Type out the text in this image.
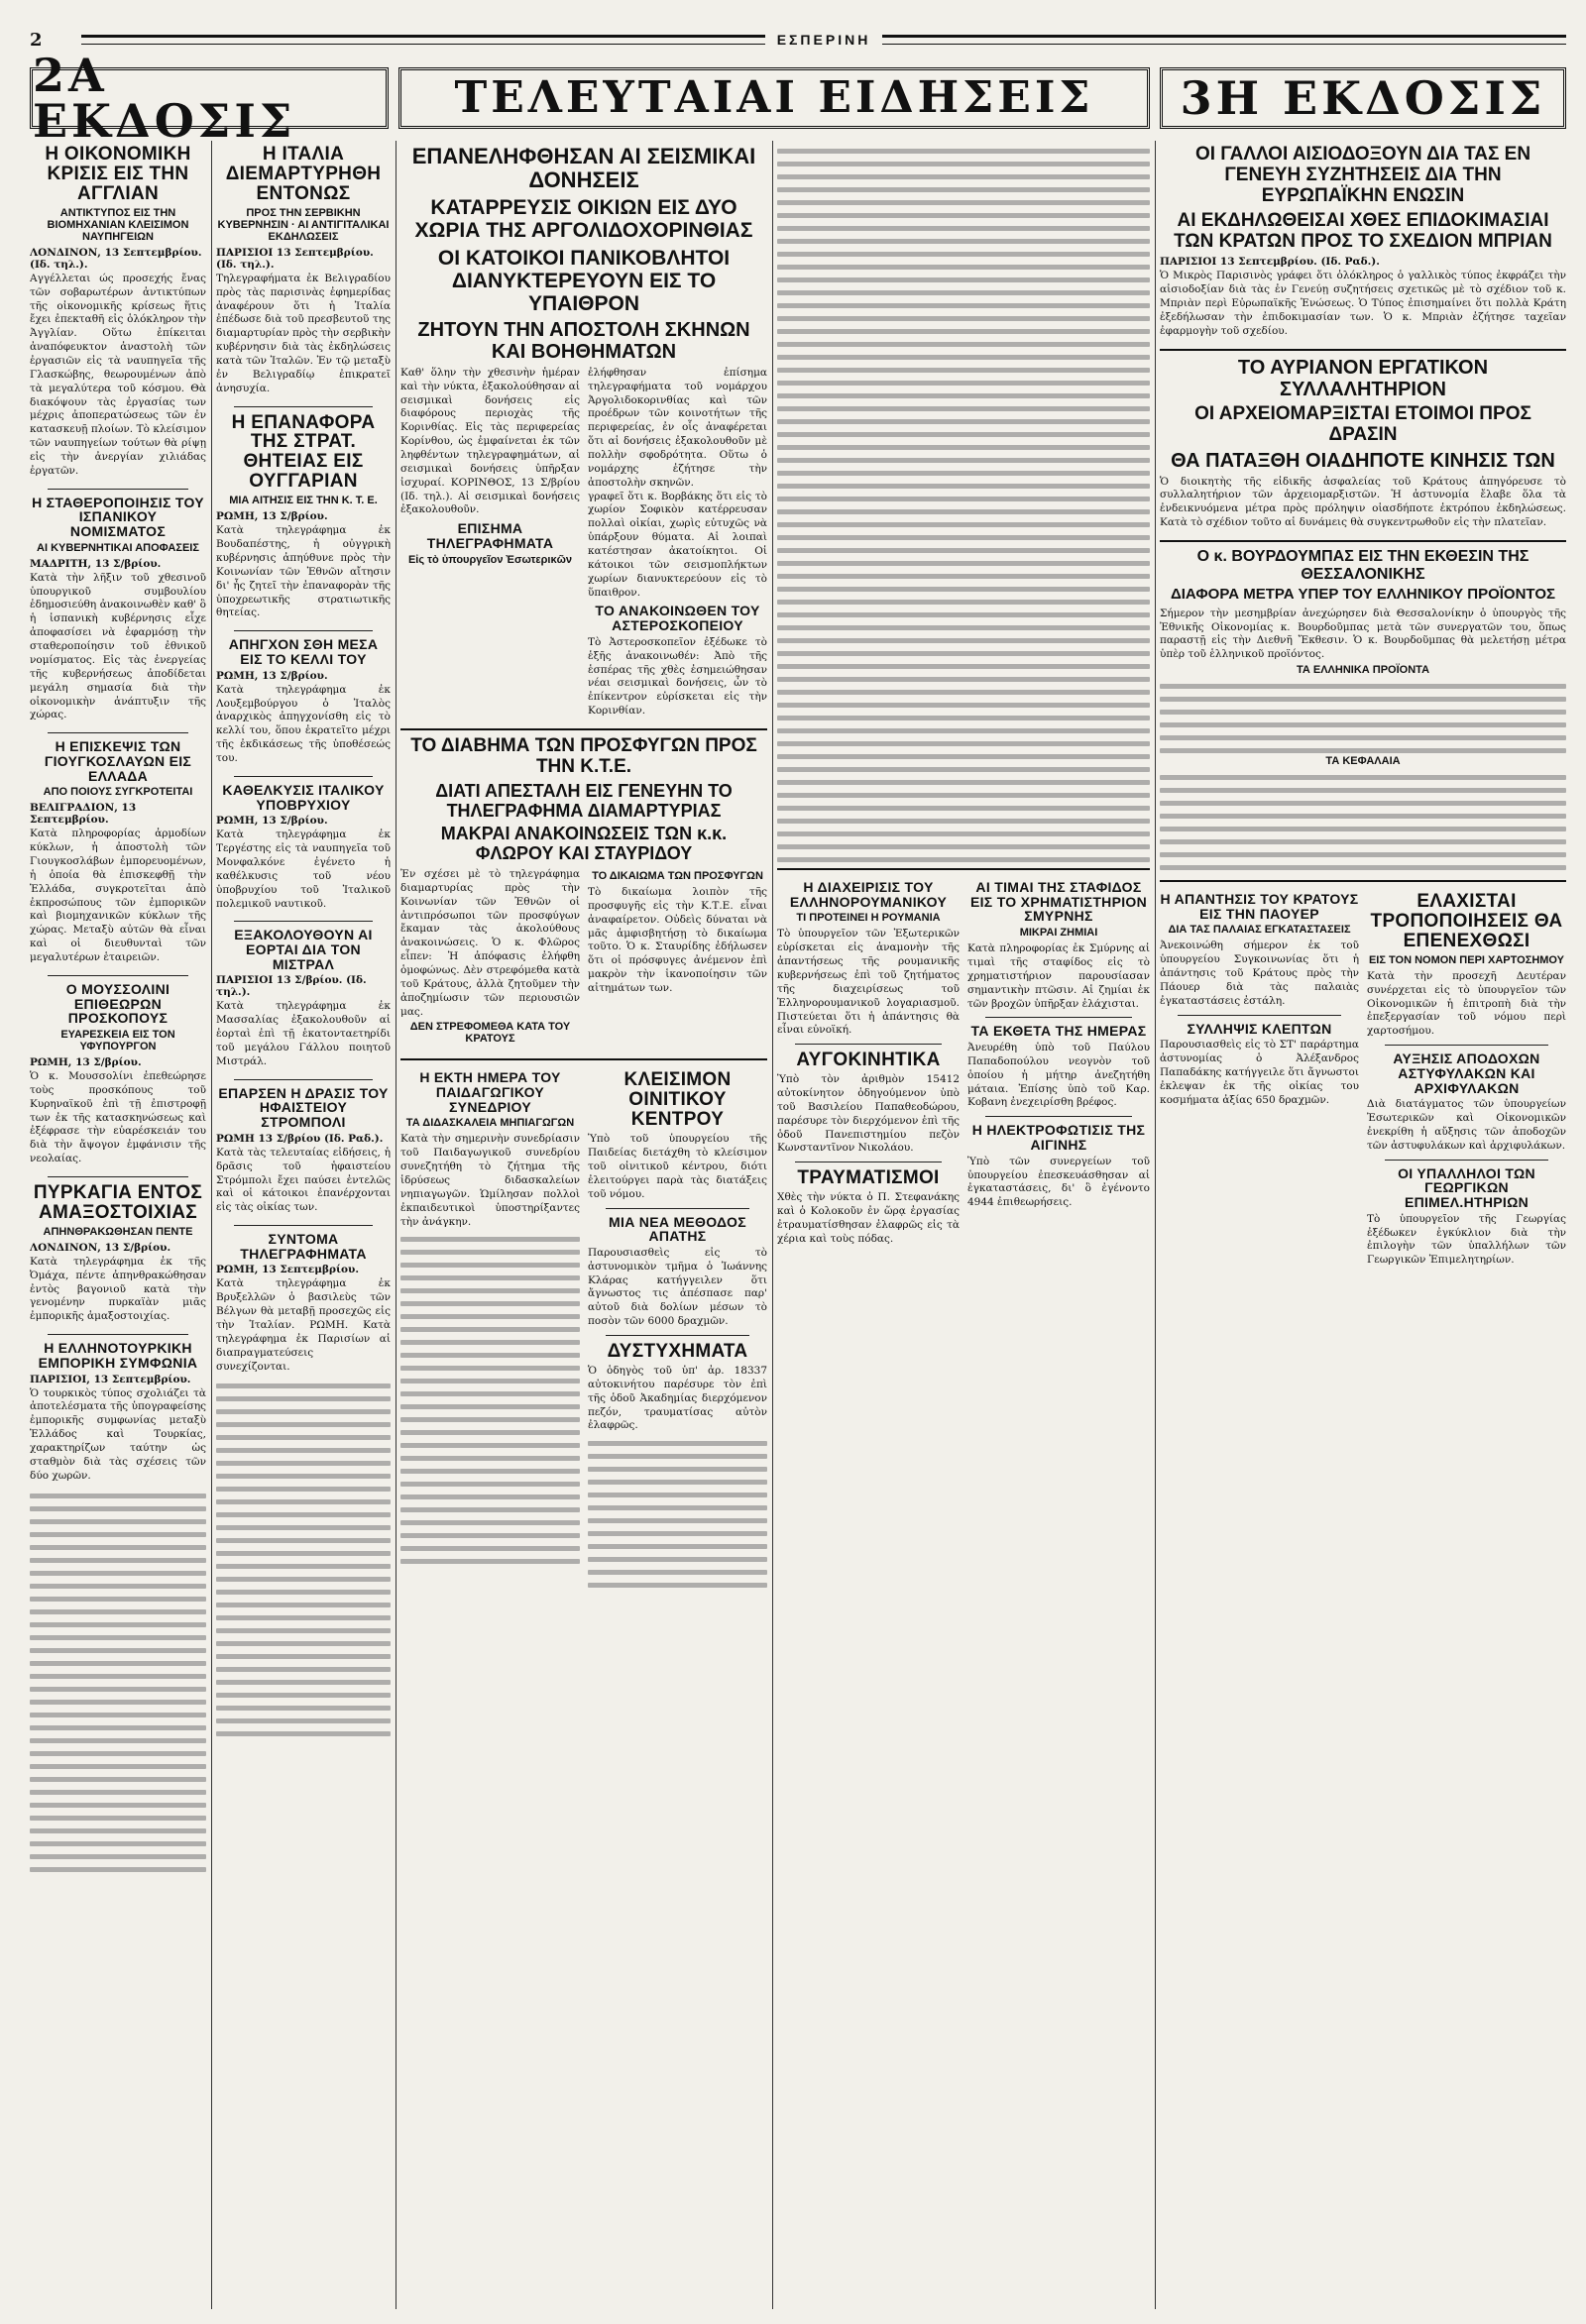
2	ΕΣΠΕΡΙΝΗ
2Α ΕΚΔΟΣΙΣ	ΤΕΛΕΥΤΑΙΑΙ ΕΙΔΗΣΕΙΣ	3Η ΕΚΔΟΣΙΣ
Η ΟΙΚΟΝΟΜΙΚΗ ΚΡΙΣΙΣ ΕΙΣ ΤΗΝ ΑΓΓΛΙΑΝ
ΑΝΤΙΚΤΥΠΟΣ ΕΙΣ ΤΗΝ ΒΙΟΜΗΧΑΝΙΑΝ ΚΛΕΙΣΙΜΟΝ ΝΑΥΠΗΓΕΙΩΝ

ΛΟΝΔΙΝΟΝ, 13 Σεπτεμβρίου. (Ιδ. τηλ.).

Αγγέλλεται ώς προσεχής ἔνας τῶν σοβαρωτέρων ἀντικτύπων τῆς οἰκονομικῆς κρίσεως ἥτις ἔχει ἐπεκταθῆ εἰς ὁλόκληρον τὴν Ἀγγλίαν. Οὕτω ἐπίκειται ἀναπόφευκτον ἀναστολὴ τῶν ἐργασιῶν εἰς τὰ ναυπηγεῖα τῆς Γλασκώβης, θεωρουμένων ἀπὸ τὰ μεγαλύτερα τοῦ κόσμου. Θὰ διακόψουν τὰς ἐργασίας των μέχρις ἀποπερατώσεως τῶν ἐν κατασκευῇ πλοίων. Τὸ κλείσιμον τῶν ναυπηγείων τούτων θὰ ρίψῃ εἰς τὴν ἀνεργίαν χιλιάδας ἐργατῶν.

Η ΣΤΑΘΕΡΟΠΟΙΗΣΙΣ ΤΟΥ ΙΣΠΑΝΙΚΟΥ ΝΟΜΙΣΜΑΤΟΣ
ΑΙ ΚΥΒΕΡΝΗΤΙΚΑΙ ΑΠΟΦΑΣΕΙΣ

ΜΑΔΡΙΤΗ, 13 Σ/βρίου.

Κατὰ τὴν λῆξιν τοῦ χθεσινοῦ ὑπουργικοῦ συμβουλίου ἐδημοσιεύθη ἀνακοινωθὲν καθ' ὃ ἡ ἱσπανικὴ κυβέρνησις εἶχε ἀποφασίσει νὰ ἐφαρμόσῃ τὴν σταθεροποίησιν τοῦ ἐθνικοῦ νομίσματος. Εἰς τὰς ἐνεργείας τῆς κυβερνήσεως ἀποδίδεται μεγάλη σημασία διὰ τὴν οἰκονομικὴν ἀνάπτυξιν τῆς χώρας.

Η ΕΠΙΣΚΕΨΙΣ ΤΩΝ ΓΙΟΥΓΚΟΣΛΑΥΩΝ ΕΙΣ ΕΛΛΑΔΑ
ΑΠΟ ΠΟΙΟΥΣ ΣΥΓΚΡΟΤΕΙΤΑΙ

ΒΕΛΙΓΡΑΔΙΟΝ, 13 Σεπτεμβρίου.

Κατὰ πληροφορίας ἀρμοδίων κύκλων, ἡ ἀποστολὴ τῶν Γιουγκοσλάβων ἐμπορευομένων, ἡ ὁποία θὰ ἐπισκεφθῇ τὴν Ἑλλάδα, συγκροτεῖται ἀπὸ ἐκπροσώπους τῶν ἐμπορικῶν καὶ βιομηχανικῶν κύκλων τῆς χώρας. Μεταξὺ αὐτῶν θὰ εἶναι καὶ οἱ διευθυνταὶ τῶν μεγαλυτέρων ἑταιρειῶν.

Ο ΜΟΥΣΣΟΛΙΝΙ ΕΠΙΘΕΩΡΩΝ ΠΡΟΣΚΟΠΟΥΣ
ΕΥΑΡΕΣΚΕΙΑ ΕΙΣ ΤΟΝ ΥΦΥΠΟΥΡΓΟΝ

ΡΩΜΗ, 13 Σ/βρίου.

Ὁ κ. Μουσσολίνι ἐπεθεώρησε τοὺς προσκόπους τοῦ Κυρηναϊκοῦ ἐπὶ τῇ ἐπιστροφῇ των ἐκ τῆς κατασκηνώσεως καὶ ἐξέφρασε τὴν εὐαρέσκειάν του διὰ τὴν ἄψογον ἐμφάνισιν τῆς νεολαίας.

ΠΥΡΚΑΓΙΑ ΕΝΤΟΣ ΑΜΑΞΟΣΤΟΙΧΙΑΣ
ΑΠΗΝΘΡΑΚΩΘΗΣΑΝ ΠΕΝΤΕ

ΛΟΝΔΙΝΟΝ, 13 Σ/βρίου.

Κατὰ τηλεγράφημα ἐκ τῆς Ὀμάχα, πέντε ἀπηνθρακώθησαν ἐντὸς βαγονιοῦ κατὰ τὴν γενομένην πυρκαϊὰν μιᾶς ἐμπορικῆς ἁμαξοστοιχίας.

Η ΕΛΛΗΝΟΤΟΥΡΚΙΚΗ ΕΜΠΟΡΙΚΗ ΣΥΜΦΩΝΙΑ

ΠΑΡΙΣΙΟΙ, 13 Σεπτεμβρίου.

Ὁ τουρκικὸς τύπος σχολιάζει τὰ ἀποτελέσματα τῆς ὑπογραφείσης ἐμπορικῆς συμφωνίας μεταξὺ Ἑλλάδος καὶ Τουρκίας, χαρακτηρίζων ταύτην ὡς σταθμὸν διὰ τὰς σχέσεις τῶν δύο χωρῶν.

Η ΙΤΑΛΙΑ ΔΙΕΜΑΡΤΥΡΗΘΗ ΕΝΤΟΝΩΣ
ΠΡΟΣ ΤΗΝ ΣΕΡΒΙΚΗΝ ΚΥΒΕΡΝΗΣΙΝ · ΑΙ ΑΝΤΙΓΙΤΑΛΙΚΑΙ ΕΚΔΗΛΩΣΕΙΣ

ΠΑΡΙΣΙΟΙ 13 Σεπτεμβρίου. (Ιδ. τηλ.).

Τηλεγραφήματα ἐκ Βελιγραδίου πρὸς τὰς παρισινὰς ἐφημερίδας ἀναφέρουν ὅτι ἡ Ἰταλία ἐπέδωσε διὰ τοῦ πρεσβευτοῦ της διαμαρτυρίαν πρὸς τὴν σερβικὴν κυβέρνησιν διὰ τὰς ἐκδηλώσεις κατὰ τῶν Ἰταλῶν. Ἐν τῷ μεταξὺ ἐν Βελιγραδίῳ ἐπικρατεῖ ἀνησυχία.

Η ΕΠΑΝΑΦΟΡΑ ΤΗΣ ΣΤΡΑΤ. ΘΗΤΕΙΑΣ ΕΙΣ ΟΥΓΓΑΡΙΑΝ
ΜΙΑ ΑΙΤΗΣΙΣ ΕΙΣ ΤΗΝ Κ. Τ. Ε.

ΡΩΜΗ, 13 Σ/βρίου.

Κατὰ τηλεγράφημα ἐκ Βουδαπέστης, ἡ οὐγγρικὴ κυβέρνησις ἀπηύθυνε πρὸς τὴν Κοινωνίαν τῶν Ἐθνῶν αἴτησιν δι' ἧς ζητεῖ τὴν ἐπαναφορὰν τῆς ὑποχρεωτικῆς στρατιωτικῆς θητείας.

ΑΠΗΓΧΟΝ ΣΘΗ ΜΕΣΑ ΕΙΣ ΤΟ ΚΕΛΛΙ ΤΟΥ

ΡΩΜΗ, 13 Σ/βρίου.

Κατὰ τηλεγράφημα ἐκ Λουξεμβούργου ὁ Ἰταλὸς ἀναρχικὸς ἀπηγχονίσθη εἰς τὸ κελλί του, ὅπου ἐκρατεῖτο μέχρι τῆς ἐκδικάσεως τῆς ὑποθέσεώς του.

ΚΑΘΕΛΚΥΣΙΣ ΙΤΑΛΙΚΟΥ ΥΠΟΒΡΥΧΙΟΥ

ΡΩΜΗ, 13 Σ/βρίου.

Κατὰ τηλεγράφημα ἐκ Τεργέστης εἰς τὰ ναυπηγεῖα τοῦ Μονφαλκόνε ἐγένετο ἡ καθέλκυσις τοῦ νέου ὑποβρυχίου τοῦ Ἰταλικοῦ πολεμικοῦ ναυτικοῦ.

ΕΞΑΚΟΛΟΥΘΟΥΝ ΑΙ ΕΟΡΤΑΙ ΔΙΑ ΤΟΝ ΜΙΣΤΡΑΛ

ΠΑΡΙΣΙΟΙ 13 Σ/βρίου. (Ιδ. τηλ.).

Κατὰ τηλεγράφημα ἐκ Μασσαλίας ἐξακολουθοῦν αἱ ἑορταὶ ἐπὶ τῇ ἑκατονταετηρίδι τοῦ μεγάλου Γάλλου ποιητοῦ Μιστράλ.

ΕΠΑΡΣΕΝ Η ΔΡΑΣΙΣ ΤΟΥ ΗΦΑΙΣΤΕΙΟΥ ΣΤΡΟΜΠΟΛΙ

ΡΩΜΗ 13 Σ/βρίου (Ιδ. Ραδ.).

Κατὰ τὰς τελευταίας εἰδήσεις, ἡ δρᾶσις τοῦ ἡφαιστείου Στρόμπολι ἔχει παύσει ἐντελῶς καὶ οἱ κάτοικοι ἐπανέρχονται εἰς τὰς οἰκίας των.

ΣΥΝΤΟΜΑ ΤΗΛΕΓΡΑΦΗΜΑΤΑ

ΡΩΜΗ, 13 Σεπτεμβρίου.

Κατὰ τηλεγράφημα ἐκ Βρυξελλῶν ὁ βασιλεὺς τῶν Βέλγων θὰ μεταβῇ προσεχῶς εἰς τὴν Ἰταλίαν. ΡΩΜΗ. Κατὰ τηλεγράφημα ἐκ Παρισίων αἱ διαπραγματεύσεις συνεχίζονται.

ΕΠΑΝΕΛΗΦΘΗΣΑΝ ΑΙ ΣΕΙΣΜΙΚΑΙ ΔΟΝΗΣΕΙΣ
ΚΑΤΑΡΡΕΥΣΙΣ ΟΙΚΙΩΝ ΕΙΣ ΔΥΟ ΧΩΡΙΑ ΤΗΣ ΑΡΓΟΛΙΔΟΧΟΡΙΝΘΙΑΣ
ΟΙ ΚΑΤΟΙΚΟΙ ΠΑΝΙΚΟΒΛΗΤΟΙ ΔΙΑΝΥΚΤΕΡΕΥΟΥΝ ΕΙΣ ΤΟ ΥΠΑΙΘΡΟΝ
ΖΗΤΟΥΝ ΤΗΝ ΑΠΟΣΤΟΛΗ ΣΚΗΝΩΝ ΚΑΙ ΒΟΗΘΗΜΑΤΩΝ

Καθ' ὅλην τὴν χθεσινὴν ἡμέραν καὶ τὴν νύκτα, ἐξακολούθησαν αἱ σεισμικαὶ δονήσεις εἰς διαφόρους περιοχὰς τῆς Κορινθίας. Εἰς τὰς περιφερείας Κορίνθου, ὡς ἐμφαίνεται ἐκ τῶν ληφθέντων τηλεγραφημάτων, αἱ σεισμικαὶ δονήσεις ὑπῆρξαν ἰσχυραί. ΚΟΡΙΝΘΟΣ, 13 Σ/βρίου (Ιδ. τηλ.). Αἱ σεισμικαὶ δονήσεις ἐξακολουθοῦν.

ΕΠΙΣΗΜΑ ΤΗΛΕΓΡΑΦΗΜΑΤΑ
Εἰς τὸ ὑπουργεῖον Ἐσωτερικῶν

ἐλήφθησαν ἐπίσημα τηλεγραφήματα τοῦ νομάρχου Ἀργολιδοκορινθίας καὶ τῶν προέδρων τῶν κοινοτήτων τῆς περιφερείας, ἐν οἷς ἀναφέρεται ὅτι αἱ δονήσεις ἐξακολουθοῦν μὲ πολλὴν σφοδρότητα. Οὕτω ὁ νομάρχης ἐζήτησε τὴν ἀποστολὴν σκηνῶν.

γραφεῖ ὅτι κ. Βορβάκης ὅτι εἰς τὸ χωρίον Σοφικὸν κατέρρευσαν πολλαὶ οἰκίαι, χωρὶς εὐτυχῶς νὰ ὑπάρξουν θύματα. Αἱ λοιπαὶ κατέστησαν ἀκατοίκητοι. Οἱ κάτοικοι τῶν σεισμοπλήκτων χωρίων διανυκτερεύουν εἰς τὸ ὕπαιθρον.

ΤΟ ΑΝΑΚΟΙΝΩΘΕΝ ΤΟΥ ΑΣΤΕΡΟΣΚΟΠΕΙΟΥ

Τὸ Ἀστεροσκοπεῖον ἐξέδωκε τὸ ἑξῆς ἀνακοινωθέν: Ἀπὸ τῆς ἑσπέρας τῆς χθὲς ἐσημειώθησαν νέαι σεισμικαὶ δονήσεις, ὧν τὸ ἐπίκεντρον εὑρίσκεται εἰς τὴν Κορινθίαν.

ΤΟ ΔΙΑΒΗΜΑ ΤΩΝ ΠΡΟΣΦΥΓΩΝ ΠΡΟΣ ΤΗΝ Κ.Τ.Ε.
ΔΙΑΤΙ ΑΠΕΣΤΑΛΗ ΕΙΣ ΓΕΝΕΥΗΝ ΤΟ ΤΗΛΕΓΡΑΦΗΜΑ ΔΙΑΜΑΡΤΥΡΙΑΣ
ΜΑΚΡΑΙ ΑΝΑΚΟΙΝΩΣΕΙΣ ΤΩΝ κ.κ. ΦΛΩΡΟΥ ΚΑΙ ΣΤΑΥΡΙΔΟΥ

Ἐν σχέσει μὲ τὸ τηλεγράφημα διαμαρτυρίας πρὸς τὴν Κοινωνίαν τῶν Ἐθνῶν οἱ ἀντιπρόσωποι τῶν προσφύγων ἔκαμαν τὰς ἀκολούθους ἀνακοινώσεις. Ὁ κ. Φλῶρος εἶπεν: Ἡ ἀπόφασις ἐλήφθη ὁμοφώνως. Δὲν στρεφόμεθα κατὰ τοῦ Κράτους, ἀλλὰ ζητοῦμεν τὴν ἀποζημίωσιν τῶν περιουσιῶν μας.

ΔΕΝ ΣΤΡΕΦΟΜΕΘΑ ΚΑΤΑ ΤΟΥ ΚΡΑΤΟΥΣ
ΤΟ ΔΙΚΑΙΩΜΑ ΤΩΝ ΠΡΟΣΦΥΓΩΝ

Τὸ δικαίωμα λοιπὸν τῆς προσφυγῆς εἰς τὴν Κ.Τ.Ε. εἶναι ἀναφαίρετον. Οὐδεὶς δύναται νὰ μᾶς ἀμφισβητήσῃ τὸ δικαίωμα τοῦτο. Ὁ κ. Σταυρίδης ἐδήλωσεν ὅτι οἱ πρόσφυγες ἀνέμενον ἐπὶ μακρὸν τὴν ἱκανοποίησιν τῶν αἰτημάτων των.

Η ΕΚΤΗ ΗΜΕΡΑ ΤΟΥ ΠΑΙΔΑΓΩΓΙΚΟΥ ΣΥΝΕΔΡΙΟΥ
ΤΑ ΔΙΔΑΣΚΑΛΕΙΑ ΜΗΠΙΑΓΩΓΩΝ

Κατὰ τὴν σημερινὴν συνεδρίασιν τοῦ Παιδαγωγικοῦ συνεδρίου συνεζητήθη τὸ ζήτημα τῆς ἱδρύσεως διδασκαλείων νηπιαγωγῶν. Ὡμίλησαν πολλοὶ ἐκπαιδευτικοὶ ὑποστηρίξαντες τὴν ἀνάγκην.

ΚΛΕΙΣΙΜΟΝ ΟΙΝΙΤΙΚΟΥ ΚΕΝΤΡΟΥ

Ὑπὸ τοῦ ὑπουργείου τῆς Παιδείας διετάχθη τὸ κλείσιμον τοῦ οἰνιτικοῦ κέντρου, διότι ἐλειτούργει παρὰ τὰς διατάξεις τοῦ νόμου.

ΜΙΑ ΝΕΑ ΜΕΘΟΔΟΣ ΑΠΑΤΗΣ

Παρουσιασθεὶς εἰς τὸ ἀστυνομικὸν τμῆμα ὁ Ἰωάννης Κλάρας κατήγγειλεν ὅτι ἄγνωστος τις ἀπέσπασε παρ' αὐτοῦ διὰ δολίων μέσων τὸ ποσὸν τῶν 6000 δραχμῶν.

ΔΥΣΤΥΧΗΜΑΤΑ

Ὁ ὁδηγὸς τοῦ ὑπ' ἀρ. 18337 αὐτοκινήτου παρέσυρε τὸν ἐπὶ τῆς ὁδοῦ Ἀκαδημίας διερχόμενον πεζόν, τραυματίσας αὐτὸν ἐλαφρῶς.

Η ΔΙΑΧΕΙΡΙΣΙΣ ΤΟΥ ΕΛΛΗΝΟΡΟΥΜΑΝΙΚΟΥ
ΤΙ ΠΡΟΤΕΙΝΕΙ Η ΡΟΥΜΑΝΙΑ

Τὸ ὑπουργεῖον τῶν Ἐξωτερικῶν εὑρίσκεται εἰς ἀναμονὴν τῆς ἀπαντήσεως τῆς ρουμανικῆς κυβερνήσεως ἐπὶ τοῦ ζητήματος τῆς διαχειρίσεως τοῦ Ἑλληνορουμανικοῦ λογαριασμοῦ. Πιστεύεται ὅτι ἡ ἀπάντησις θὰ εἶναι εὐνοϊκή.

ΑΥΓΟΚΙΝΗΤΙΚΑ

Ὑπὸ τὸν ἀριθμὸν 15412 αὐτοκίνητον ὁδηγούμενον ὑπὸ τοῦ Βασιλείου Παπαθεοδώρου, παρέσυρε τὸν διερχόμενον ἐπὶ τῆς ὁδοῦ Πανεπιστημίου πεζὸν Κωνσταντῖνον Νικολάου.

ΤΡΑΥΜΑΤΙΣΜΟΙ

Χθὲς τὴν νύκτα ὁ Π. Στεφανάκης καὶ ὁ Κολοκοῦν ἐν ὥρᾳ ἐργασίας ἐτραυματίσθησαν ἐλαφρῶς εἰς τὰ χέρια καὶ τοὺς πόδας.

ΑΙ ΤΙΜΑΙ ΤΗΣ ΣΤΑΦΙΔΟΣ ΕΙΣ ΤΟ ΧΡΗΜΑΤΙΣΤΗΡΙΟΝ ΣΜΥΡΝΗΣ
ΜΙΚΡΑΙ ΖΗΜΙΑΙ

Κατὰ πληροφορίας ἐκ Σμύρνης αἱ τιμαὶ τῆς σταφίδος εἰς τὸ χρηματιστήριον παρουσίασαν σημαντικὴν πτῶσιν. Αἱ ζημίαι ἐκ τῶν βροχῶν ὑπῆρξαν ἐλάχισται.

ΤΑ ΕΚΘΕΤΑ ΤΗΣ ΗΜΕΡΑΣ

Ἀνευρέθη ὑπὸ τοῦ Παύλου Παπαδοπούλου νεογνὸν τοῦ ὁποίου ἡ μήτηρ ἀνεζητήθη μάταια. Ἐπίσης ὑπὸ τοῦ Καρ. Κοβανη ἐνεχειρίσθη βρέφος.

Η ΗΛΕΚΤΡΟΦΩΤΙΣΙΣ ΤΗΣ ΑΙΓΙΝΗΣ

Ὑπὸ τῶν συνεργείων τοῦ ὑπουργείου ἐπεσκευάσθησαν αἱ ἐγκαταστάσεις, δι' ὃ ἐγένοντο 4944 ἐπιθεωρήσεις.

ΟΙ ΓΑΛΛΟΙ ΑΙΣΙΟΔΟΞΟΥΝ ΔΙΑ ΤΑΣ ΕΝ ΓΕΝΕΥΗ ΣΥΖΗΤΗΣΕΙΣ ΔΙΑ ΤΗΝ ΕΥΡΩΠΑΪΚΗΝ ΕΝΩΣΙΝ
ΑΙ ΕΚΔΗΛΩΘΕΙΣΑΙ ΧΘΕΣ ΕΠΙΔΟΚΙΜΑΣΙΑΙ ΤΩΝ ΚΡΑΤΩΝ ΠΡΟΣ ΤΟ ΣΧΕΔΙΟΝ ΜΠΡΙΑΝ

ΠΑΡΙΣΙΟΙ 13 Σεπτεμβρίου. (Ιδ. Ραδ.).

Ὁ Μικρὸς Παρισινὸς γράφει ὅτι ὁλόκληρος ὁ γαλλικὸς τύπος ἐκφράζει τὴν αἰσιοδοξίαν διὰ τὰς ἐν Γενεύῃ συζητήσεις σχετικῶς μὲ τὸ σχέδιον τοῦ κ. Μπριὰν περὶ Εὐρωπαϊκῆς Ἑνώσεως. Ὁ Τύπος ἐπισημαίνει ὅτι πολλὰ Κράτη ἐξεδήλωσαν τὴν ἐπιδοκιμασίαν των. Ὁ κ. Μπριὰν ἐζήτησε ταχεῖαν ἐφαρμογὴν τοῦ σχεδίου.

ΤΟ ΑΥΡΙΑΝΟΝ ΕΡΓΑΤΙΚΟΝ ΣΥΛΛΑΛΗΤΗΡΙΟΝ
ΟΙ ΑΡΧΕΙΟΜΑΡΞΙΣΤΑΙ ΕΤΟΙΜΟΙ ΠΡΟΣ ΔΡΑΣΙΝ
ΘΑ ΠΑΤΑΞΘΗ ΟΙΑΔΗΠΟΤΕ ΚΙΝΗΣΙΣ ΤΩΝ

Ὁ διοικητὴς τῆς εἰδικῆς ἀσφαλείας τοῦ Κράτους ἀπηγόρευσε τὸ συλλαλητήριον τῶν ἀρχειομαρξιστῶν. Ἡ ἀστυνομία ἔλαβε ὅλα τὰ ἐνδεικνυόμενα μέτρα πρὸς πρόληψιν οἱασδήποτε ἐκτρόπου ἐκδηλώσεως. Κατὰ τὸ σχέδιον τοῦτο αἱ δυνάμεις θὰ συγκεντρωθοῦν εἰς τὴν πλατεῖαν.

Ο κ. ΒΟΥΡΔΟΥΜΠΑΣ ΕΙΣ ΤΗΝ ΕΚΘΕΣΙΝ ΤΗΣ ΘΕΣΣΑΛΟΝΙΚΗΣ
ΔΙΑΦΟΡΑ ΜΕΤΡΑ ΥΠΕΡ ΤΟΥ ΕΛΛΗΝΙΚΟΥ ΠΡΟΪΟΝΤΟΣ

Σήμερον τὴν μεσημβρίαν ἀνεχώρησεν διὰ Θεσσαλονίκην ὁ ὑπουργὸς τῆς Ἐθνικῆς Οἰκονομίας κ. Βουρδοῦμπας μετὰ τῶν συνεργατῶν του, ὅπως παραστῇ εἰς τὴν Διεθνῆ Ἔκθεσιν. Ὁ κ. Βουρδοῦμπας θὰ μελετήσῃ μέτρα ὑπὲρ τοῦ ἑλληνικοῦ προϊόντος.

ΤΑ ΕΛΛΗΝΙΚΑ ΠΡΟΪΟΝΤΑ
ΤΑ ΚΕΦΑΛΑΙΑ
Η ΑΠΑΝΤΗΣΙΣ ΤΟΥ ΚΡΑΤΟΥΣ ΕΙΣ ΤΗΝ ΠΑΟΥΕΡ
ΔΙΑ ΤΑΣ ΠΑΛΑΙΑΣ ΕΓΚΑΤΑΣΤΑΣΕΙΣ

Ἀνεκοινώθη σήμερον ἐκ τοῦ ὑπουργείου Συγκοινωνίας ὅτι ἡ ἀπάντησις τοῦ Κράτους πρὸς τὴν Πάουερ διὰ τὰς παλαιὰς ἐγκαταστάσεις ἐστάλη.

ΣΥΛΛΗΨΙΣ ΚΛΕΠΤΩΝ

Παρουσιασθεὶς εἰς τὸ ΣΤ' παράρτημα ἀστυνομίας ὁ Ἀλέξανδρος Παπαδάκης κατήγγειλε ὅτι ἄγνωστοι ἐκλεψαν ἐκ τῆς οἰκίας του κοσμήματα ἀξίας 650 δραχμῶν.

ΕΛΑΧΙΣΤΑΙ ΤΡΟΠΟΠΟΙΗΣΕΙΣ ΘΑ ΕΠΕΝΕΧΘΩΣΙ
ΕΙΣ ΤΟΝ ΝΟΜΟΝ ΠΕΡΙ ΧΑΡΤΟΣΗΜΟΥ

Κατὰ τὴν προσεχῆ Δευτέραν συνέρχεται εἰς τὸ ὑπουργεῖον τῶν Οἰκονομικῶν ἡ ἐπιτροπὴ διὰ τὴν ἐπεξεργασίαν τοῦ νόμου περὶ χαρτοσήμου.

ΑΥΞΗΣΙΣ ΑΠΟΔΟΧΩΝ ΑΣΤΥΦΥΛΑΚΩΝ ΚΑΙ ΑΡΧΙΦΥΛΑΚΩΝ

Διὰ διατάγματος τῶν ὑπουργείων Ἐσωτερικῶν καὶ Οἰκονομικῶν ἐνεκρίθη ἡ αὔξησις τῶν ἀποδοχῶν τῶν ἀστυφυλάκων καὶ ἀρχιφυλάκων.

ΟΙ ΥΠΑΛΛΗΛΟΙ ΤΩΝ ΓΕΩΡΓΙΚΩΝ ΕΠΙΜΕΛ.ΗΤΗΡΙΩΝ

Τὸ ὑπουργεῖον τῆς Γεωργίας ἐξέδωκεν ἐγκύκλιον διὰ τὴν ἐπιλογὴν τῶν ὑπαλλήλων τῶν Γεωργικῶν Ἐπιμελητηρίων.
